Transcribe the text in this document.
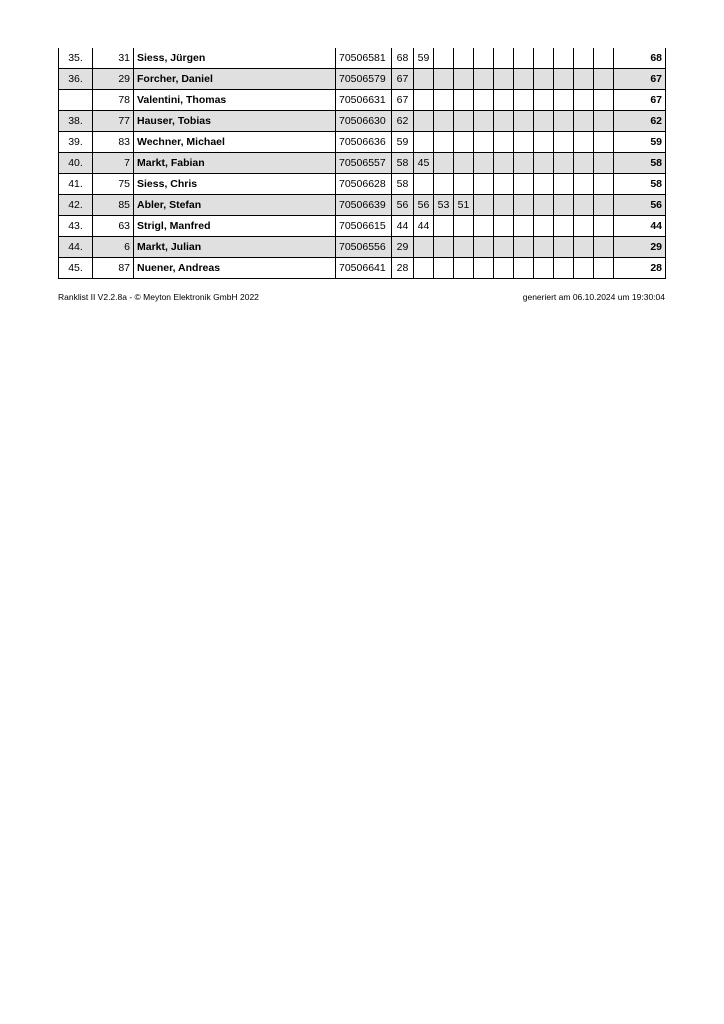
35.	31	Siess, Jürgen	70506581	68	59										68
36.	29	Forcher, Daniel	70506579	67											67
	78	Valentini, Thomas	70506631	67											67
38.	77	Hauser, Tobias	70506630	62											62
39.	83	Wechner, Michael	70506636	59											59
40.	7	Markt, Fabian	70506557	58	45										58
41.	75	Siess, Chris	70506628	58											58
42.	85	Abler, Stefan	70506639	56	56	53	51								56
43.	63	Strigl, Manfred	70506615	44	44										44
44.	6	Markt, Julian	70506556	29											29
45.	87	Nuener, Andreas	70506641	28											28
Ranklist II V2.2.8a - © Meyton Elektronik GmbH 2022	generiert am 06.10.2024 um 19:30:04
